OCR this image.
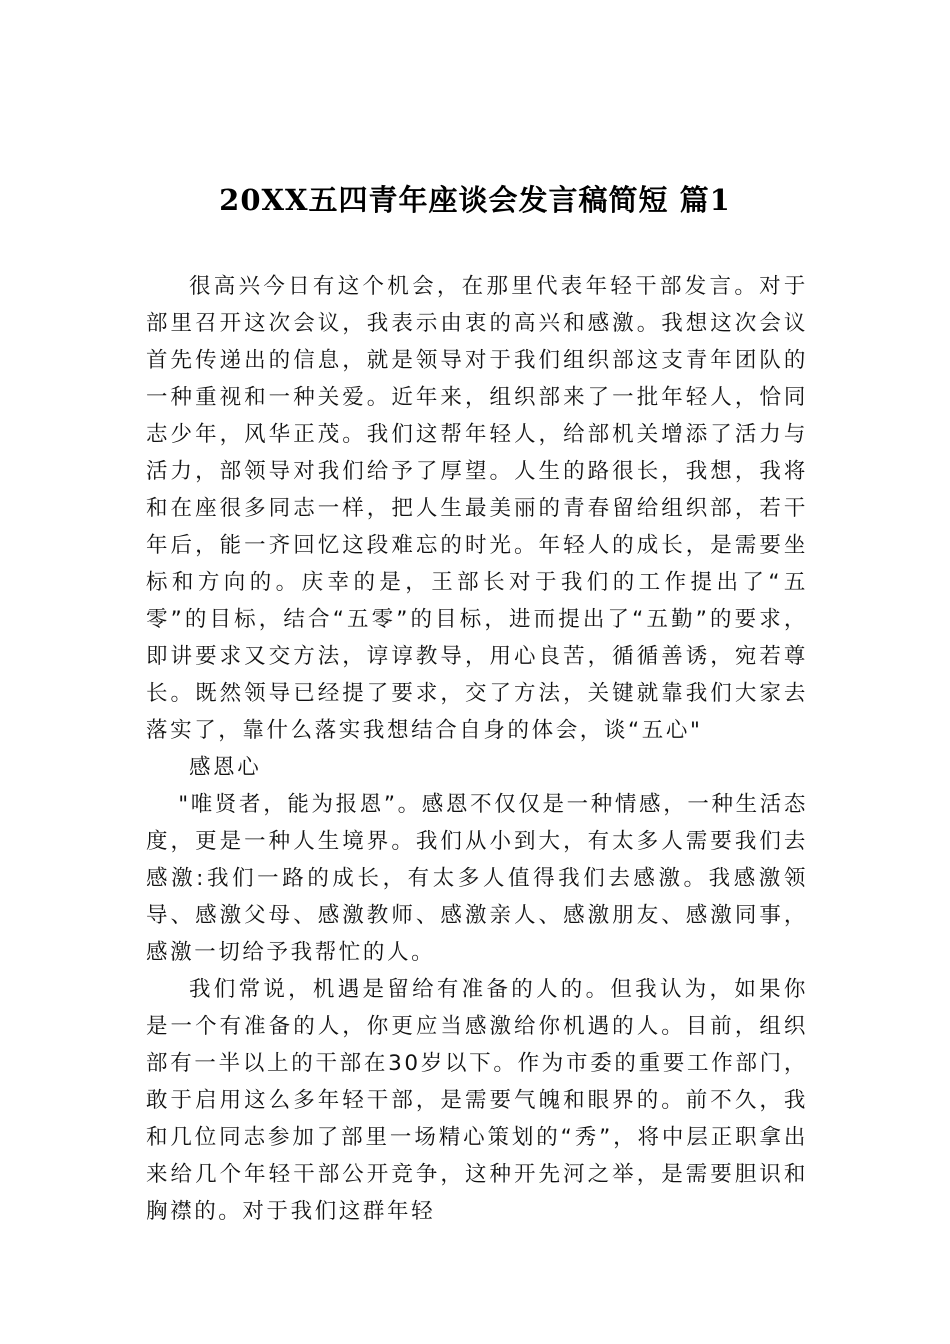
20XX五四青年座谈会发言稿简短 篇1

很高兴今日有这个机会，在那里代表年轻干部发言。对于部里召开这次会议，我表示由衷的高兴和感激。我想这次会议首先传递出的信息，就是领导对于我们组织部这支青年团队的一种重视和一种关爱。近年来，组织部来了一批年轻人，恰同志少年，风华正茂。我们这帮年轻人，给部机关增添了活力与活力，部领导对我们给予了厚望。人生的路很长，我想，我将和在座很多同志一样，把人生最美丽的青春留给组织部，若干年后，能一齐回忆这段难忘的时光。年轻人的成长，是需要坐标和方向的。庆幸的是，王部长对于我们的工作提出了“五零”的目标，结合“五零”的目标，进而提出了“五勤”的要求，即讲要求又交方法，谆谆教导，用心良苦，循循善诱，宛若尊长。既然领导已经提了要求，交了方法，关键就靠我们大家去落实了，靠什么落实我想结合自身的体会，谈“五心"

感恩心

"唯贤者，能为报恩”。感恩不仅仅是一种情感，一种生活态度，更是一种人生境界。我们从小到大，有太多人需要我们去感激:我们一路的成长，有太多人值得我们去感激。我感激领导、感激父母、感激教师、感激亲人、感激朋友、感激同事，感激一切给予我帮忙的人。

我们常说，机遇是留给有准备的人的。但我认为，如果你是一个有准备的人，你更应当感激给你机遇的人。目前，组织部有一半以上的干部在30岁以下。作为市委的重要工作部门，敢于启用这么多年轻干部，是需要气魄和眼界的。前不久，我和几位同志参加了部里一场精心策划的“秀”，将中层正职拿出来给几个年轻干部公开竞争，这种开先河之举，是需要胆识和胸襟的。对于我们这群年轻
